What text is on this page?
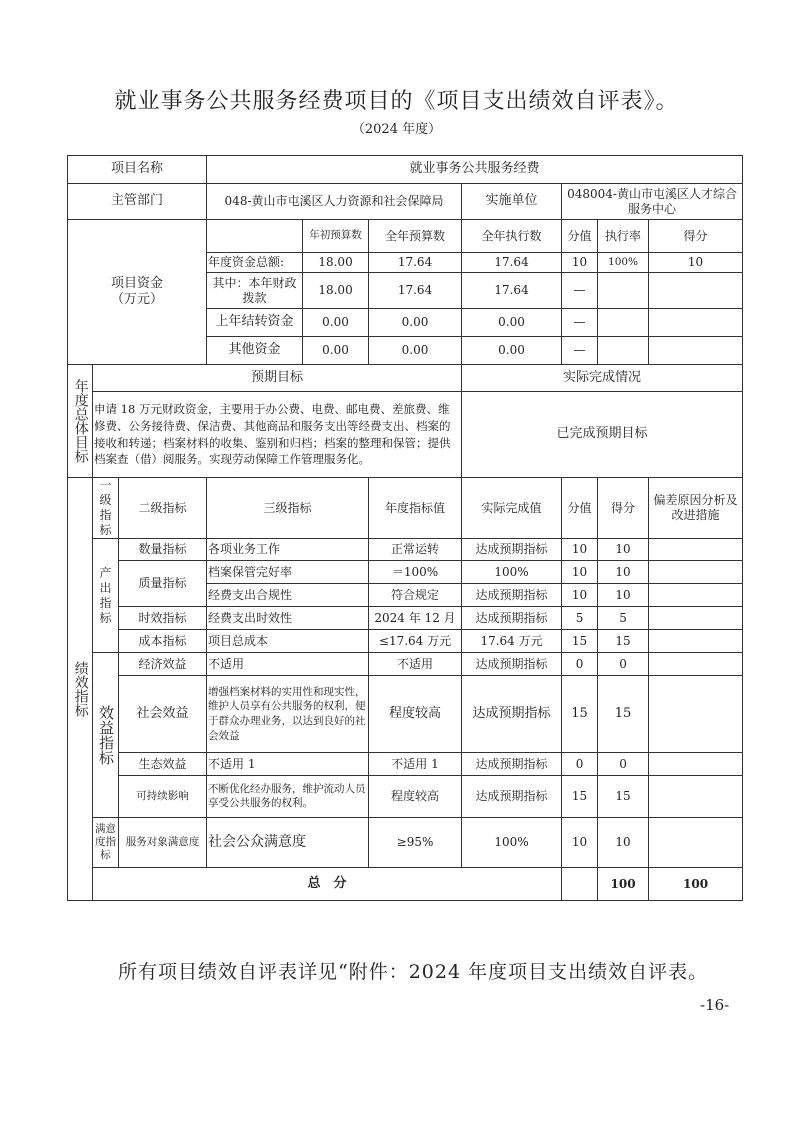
就业事务公共服务经费项目的《项目支出绩效自评表》。
（2024 年度）
项目名称			就业事务公共服务经费							
主管部门			048-黄山市屯溪区人力资源和社会保障局			实施单位	048004-黄山市屯溪区人才综合服务中心			

项目资金
（万元）				年初预算数	全年预算数	全年执行数	分值	执行率	得分	
			年度资金总额:	18.00	17.64	17.64	10	100%	10	
			其中：本年财政拨款	18.00	17.64	17.64	—			
			上年结转资金	0.00	0.00	0.00	—			
			其他资金	0.00	0.00	0.00	—			

年度总体目标	预期目标					实际完成情况				
	申请 18 万元财政资金，主要用于办公费、电费、邮电费、差旅费、维修费、公务接待费、保洁费、其他商品和服务支出等经费支出、档案的接收和转递；档案材料的收集、鉴别和归档；档案的整理和保管；提供档案查（借）阅服务。实现劳动保障工作管理服务化。					已完成预期目标				

绩效指标	一级指标	二级指标	三级指标		年度指标值	实际完成值	分值	得分	偏差原因分析及改进措施	

	产出指标	数量指标	各项业务工作		正常运转	达成预期指标	10	10		
		质量指标	档案保管完好率		＝100%	100%	10	10		
			经费支出合规性		符合规定	达成预期指标	10	10		
		时效指标	经费支出时效性		2024 年 12 月	达成预期指标	5	5		
		成本指标	项目总成本		≤17.64 万元	17.64 万元	15	15		

	效益指标	经济效益	不适用		不适用	达成预期指标	0	0		
		社会效益	增强档案材料的实用性和现实性，维护人员享有公共服务的权利，便于群众办理业务，以达到良好的社会效益		程度较高	达成预期指标	15	15		
		生态效益	不适用 1		不适用 1	达成预期指标	0	0		
		可持续影响	不断优化经办服务，维护流动人员享受公共服务的权利。		程度较高	达成预期指标	15	15		
	满意度指标	服务对象满意度	社会公众满意度		≥95%	100%	10	10		
	总　分							100	100	
所有项目绩效自评表详见“附件：2024 年度项目支出绩效自评表。
-16-
